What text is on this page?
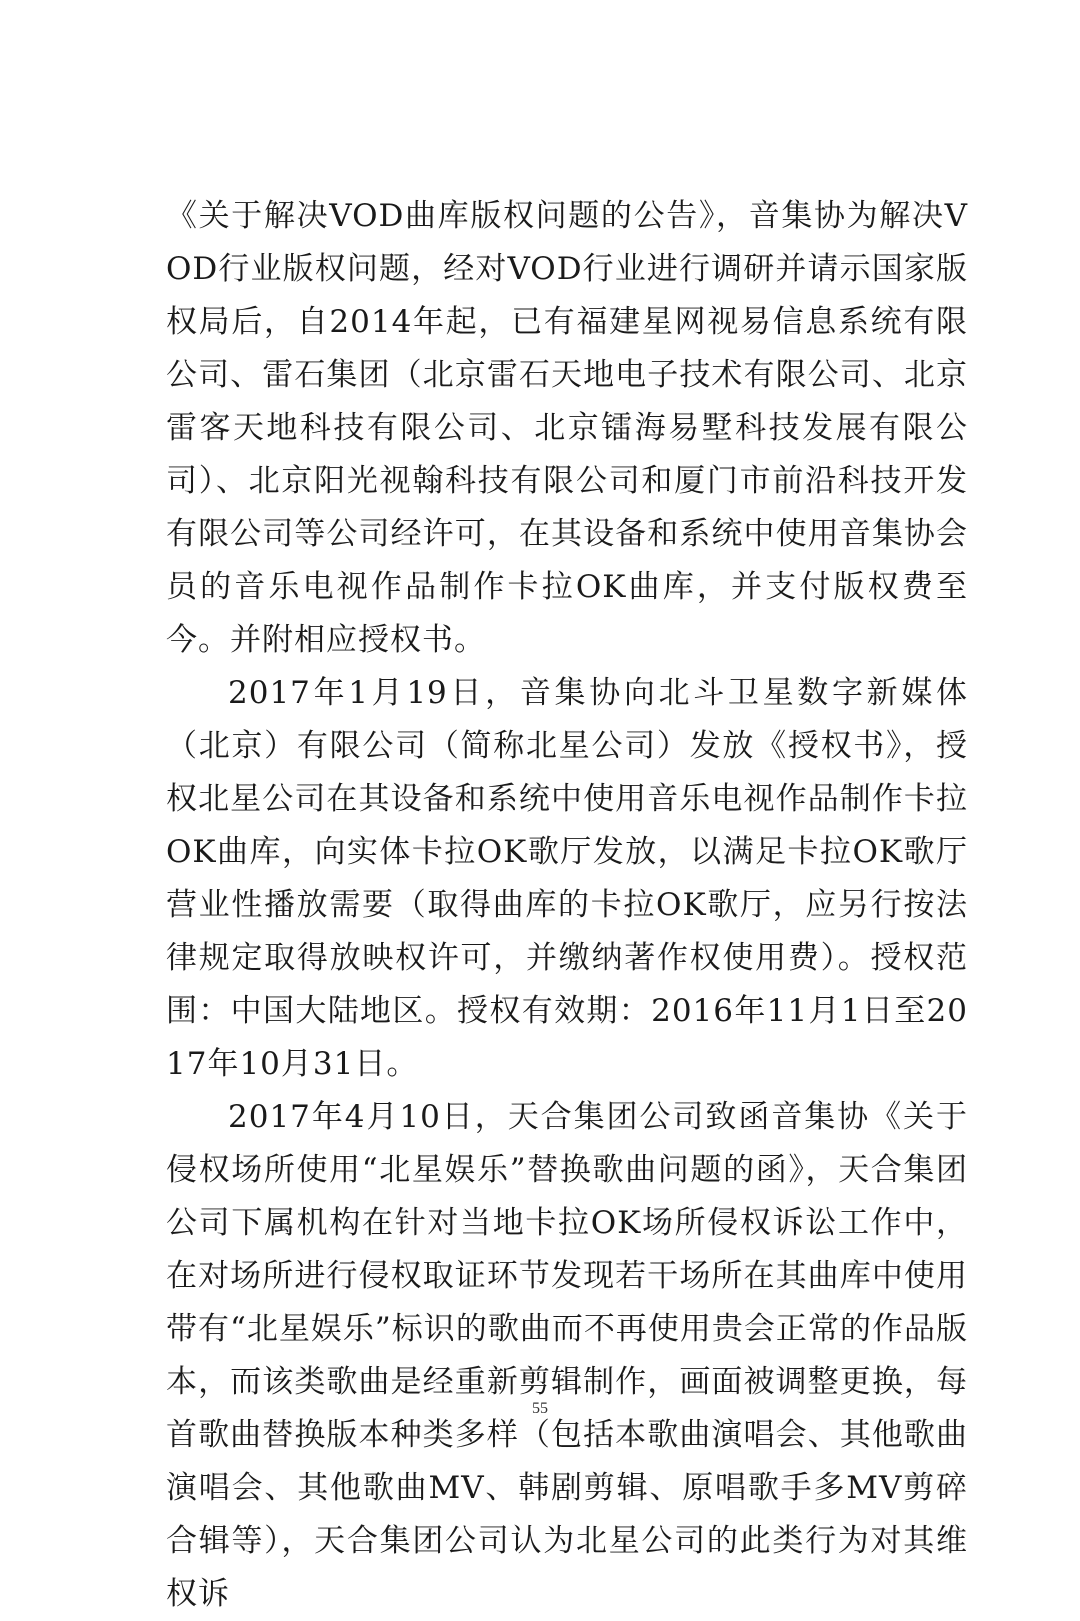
《关于解决VOD曲库版权问题的公告》，音集协为解决VOD行业版权问题，经对VOD行业进行调研并请示国家版权局后，自2014年起，已有福建星网视易信息系统有限公司、雷石集团（北京雷石天地电子技术有限公司、北京雷客天地科技有限公司、北京镭海易墅科技发展有限公司）、北京阳光视翰科技有限公司和厦门市前沿科技开发有限公司等公司经许可，在其设备和系统中使用音集协会员的音乐电视作品制作卡拉OK曲库，并支付版权费至今。并附相应授权书。

2017年1月19日，音集协向北斗卫星数字新媒体（北京）有限公司（简称北星公司）发放《授权书》，授权北星公司在其设备和系统中使用音乐电视作品制作卡拉OK曲库，向实体卡拉OK歌厅发放，以满足卡拉OK歌厅营业性播放需要（取得曲库的卡拉OK歌厅，应另行按法律规定取得放映权许可，并缴纳著作权使用费）。授权范围：中国大陆地区。授权有效期：2016年11月1日至2017年10月31日。

2017年4月10日，天合集团公司致函音集协《关于侵权场所使用“北星娱乐”替换歌曲问题的函》，天合集团公司下属机构在针对当地卡拉OK场所侵权诉讼工作中，在对场所进行侵权取证环节发现若干场所在其曲库中使用带有“北星娱乐”标识的歌曲而不再使用贵会正常的作品版本，而该类歌曲是经重新剪辑制作，画面被调整更换，每首歌曲替换版本种类多样（包括本歌曲演唱会、其他歌曲演唱会、其他歌曲MV、韩剧剪辑、原唱歌手多MV剪碎合辑等），天合集团公司认为北星公司的此类行为对其维权诉

55
